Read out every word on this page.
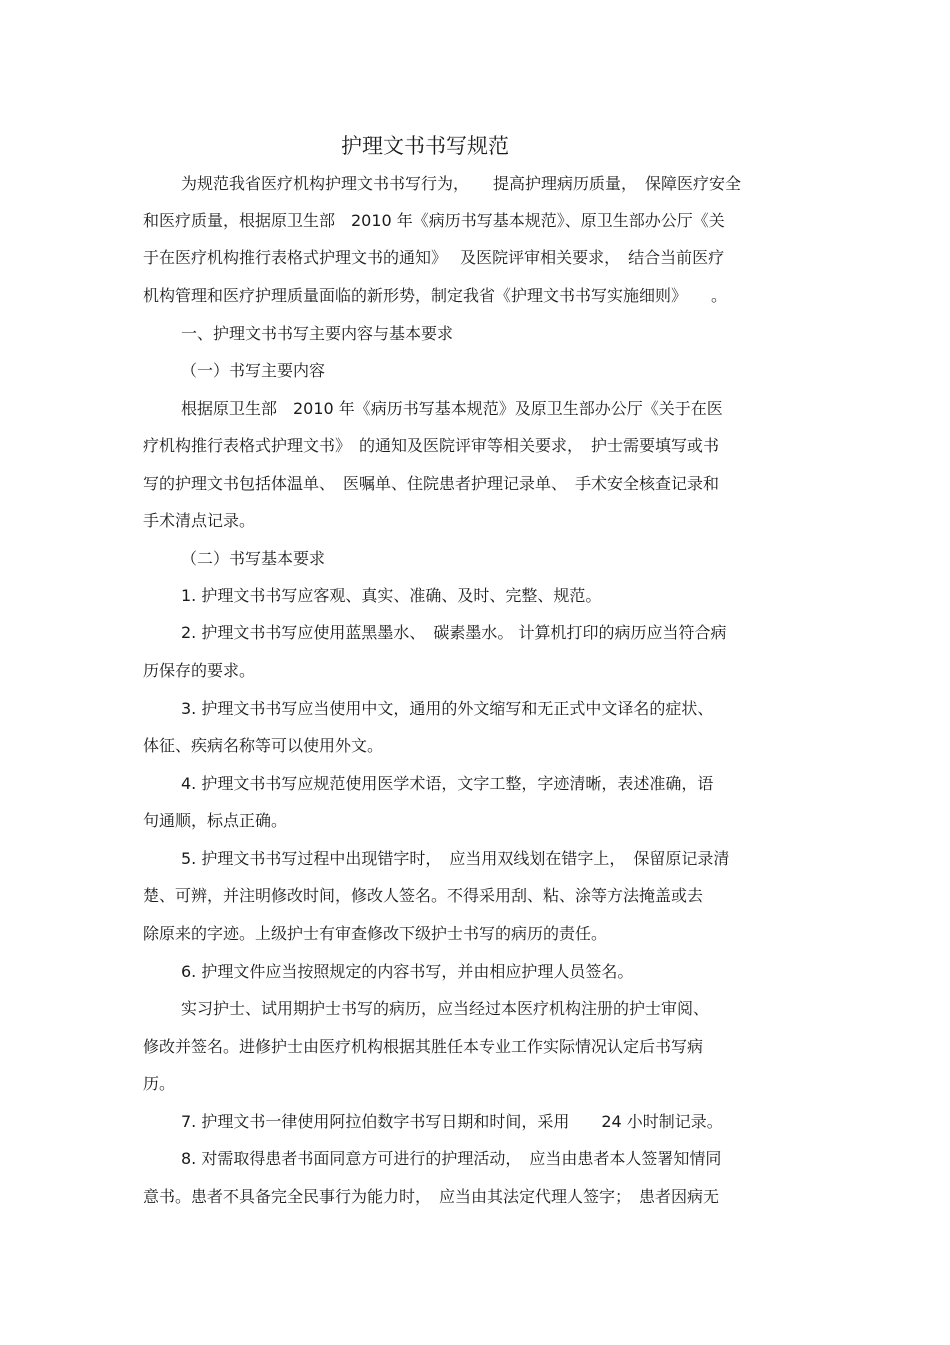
护理文书书写规范
为规范我省医疗机构护理文书书写行为，　　提高护理病历质量，　保障医疗安全
和医疗质量，根据原卫生部　2010 年《病历书写基本规范》、原卫生部办公厅《关
于在医疗机构推行表格式护理文书的通知》　 及医院评审相关要求，　结合当前医疗
机构管理和医疗护理质量面临的新形势，制定我省《护理文书书写实施细则》　　。
一、护理文书书写主要内容与基本要求
（一）书写主要内容
根据原卫生部　2010 年《病历书写基本规范》及原卫生部办公厅《关于在医
疗机构推行表格式护理文书》　的通知及医院评审等相关要求，　护士需要填写或书
写的护理文书包括体温单、　医嘱单、住院患者护理记录单、　手术安全核查记录和
手术清点记录。
（二）书写基本要求
1. 护理文书书写应客观、真实、准确、及时、完整、规范。
2. 护理文书书写应使用蓝黑墨水、　碳素墨水。 计算机打印的病历应当符合病
历保存的要求。
3. 护理文书书写应当使用中文，通用的外文缩写和无正式中文译名的症状、
体征、疾病名称等可以使用外文。
4. 护理文书书写应规范使用医学术语，文字工整，字迹清晰，表述准确，语
句通顺，标点正确。
5. 护理文书书写过程中出现错字时，　应当用双线划在错字上，　保留原记录清
楚、可辨，并注明修改时间，修改人签名。不得采用刮、粘、涂等方法掩盖或去
除原来的字迹。上级护士有审查修改下级护士书写的病历的责任。
6. 护理文件应当按照规定的内容书写，并由相应护理人员签名。
实习护士、试用期护士书写的病历，应当经过本医疗机构注册的护士审阅、
修改并签名。进修护士由医疗机构根据其胜任本专业工作实际情况认定后书写病
历。
7. 护理文书一律使用阿拉伯数字书写日期和时间，采用　　24 小时制记录。
8. 对需取得患者书面同意方可进行的护理活动，　应当由患者本人签署知情同
意书。患者不具备完全民事行为能力时，　应当由其法定代理人签字；　患者因病无
